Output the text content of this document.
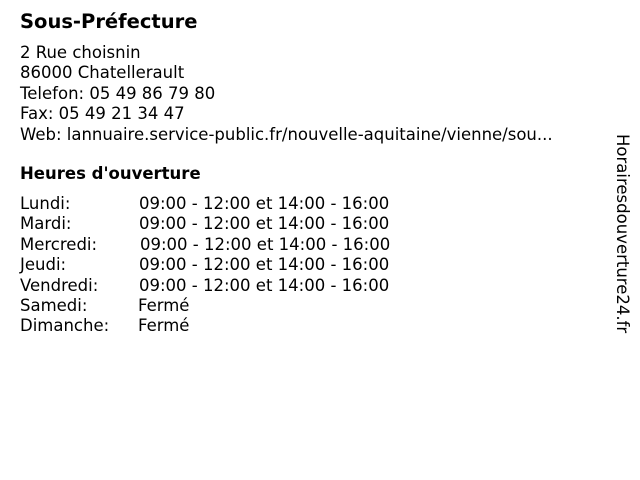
Sous-Préfecture
2 Rue choisnin
86000 Chatellerault
Telefon: 05 49 86 79 80
Fax: 05 49 21 34 47
Web: lannuaire.service-public.fr/nouvelle-aquitaine/vienne/sou...
Heures d'ouverture
Lundi:	09:00 - 12:00 et 14:00 - 16:00
Mardi:	09:00 - 12:00 et 14:00 - 16:00
Mercredi:	09:00 - 12:00 et 14:00 - 16:00
Jeudi:	09:00 - 12:00 et 14:00 - 16:00
Vendredi: 09:00 - 12:00 et 14:00 - 16:00
Samedi:	Fermé
Dimanche: Fermé	Horairesdouverture24.fr
